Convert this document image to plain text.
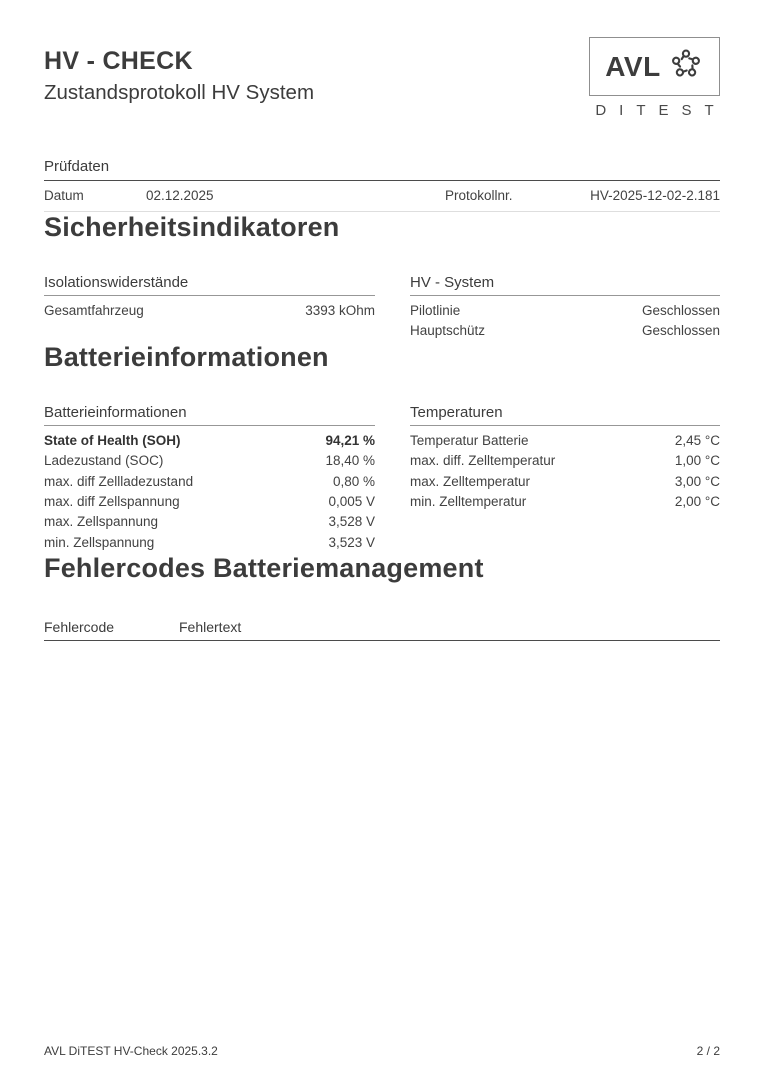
HV - CHECK
Zustandsprotokoll HV System
AVL
DITEST
Prüfdaten
Datum	02.12.2025	Protokollnr.	HV-2025-12-02-2.181
Sicherheitsindikatoren
Isolationswiderstände
Gesamtfahrzeug	3393 kOhm
HV - System
Pilotlinie	Geschlossen
Hauptschütz	Geschlossen
Batterieinformationen
Batterieinformationen
State of Health (SOH)	94,21 %
Ladezustand (SOC)	18,40 %
max. diff Zellladezustand	0,80 %
max. diff Zellspannung	0,005 V
max. Zellspannung	3,528 V
min. Zellspannung	3,523 V
Temperaturen
Temperatur Batterie	2,45 °C
max. diff. Zelltemperatur	1,00 °C
max. Zelltemperatur	3,00 °C
min. Zelltemperatur	2,00 °C
Fehlercodes Batteriemanagement
Fehlercode	Fehlertext
AVL DiTEST HV-Check 2025.3.2	2 / 2
